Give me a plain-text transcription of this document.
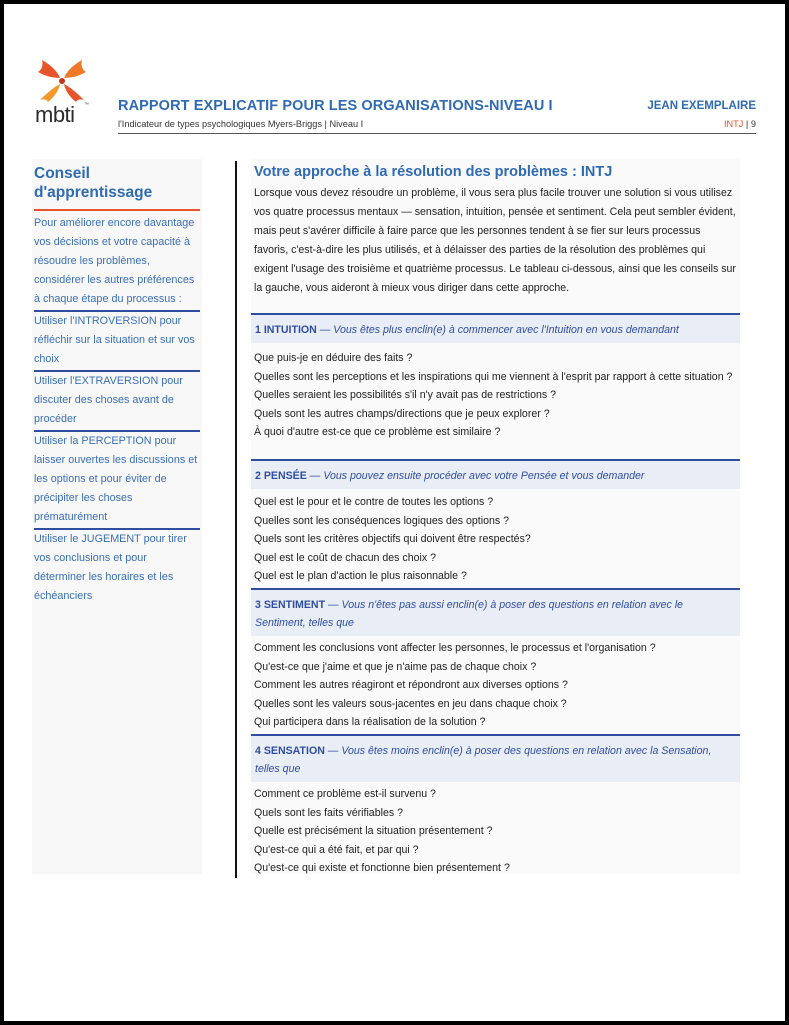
mbti ™ RAPPORT EXPLICATIF POUR LES ORGANISATIONS-NIVEAU I
l'Indicateur de types psychologiques Myers-Briggs | Niveau I
JEAN EXEMPLAIRE
INTJ | 9
Conseil d'apprentissage
Pour améliorer encore davantage vos décisions et votre capacité à résoudre les problèmes, considérer les autres préférences à chaque étape du processus :
Utiliser l'INTROVERSION pour réfléchir sur la situation et sur vos choix
Utiliser l'EXTRAVERSION pour discuter des choses avant de procéder
Utiliser la PERCEPTION pour laisser ouvertes les discussions et les options et pour éviter de précipiter les choses prématurément
Utiliser le JUGEMENT pour tirer vos conclusions et pour déterminer les horaires et les échéanciers
Votre approche à la résolution des problèmes : INTJ
Lorsque vous devez résoudre un problème, il vous sera plus facile trouver une solution si vous utilisez vos quatre processus mentaux — sensation, intuition, pensée et sentiment. Cela peut sembler évident, mais peut s'avérer difficile à faire parce que les personnes tendent à se fier sur leurs processus favoris, c'est-à-dire les plus utilisés, et à délaisser des parties de la résolution des problèmes qui exigent l'usage des troisième et quatrième processus. Le tableau ci-dessous, ainsi que les conseils sur la gauche, vous aideront à mieux vous diriger dans cette approche.
1 INTUITION — Vous êtes plus enclin(e) à commencer avec l'Intuition en vous demandant
Que puis-je en déduire des faits ?
Quelles sont les perceptions et les inspirations qui me viennent à l'esprit par rapport à cette situation ?
Quelles seraient les possibilités s'il n'y avait pas de restrictions ?
Quels sont les autres champs/directions que je peux explorer ?
À quoi d'autre est-ce que ce problème est similaire ?
2 PENSÉE — Vous pouvez ensuite procéder avec votre Pensée et vous demander
Quel est le pour et le contre de toutes les options ?
Quelles sont les conséquences logiques des options ?
Quels sont les critères objectifs qui doivent être respectés?
Quel est le coût de chacun des choix ?
Quel est le plan d'action le plus raisonnable ?
3 SENTIMENT — Vous n'êtes pas aussi enclin(e) à poser des questions en relation avec le Sentiment, telles que
Comment les conclusions vont affecter les personnes, le processus et l'organisation ?
Qu'est-ce que j'aime et que je n'aime pas de chaque choix ?
Comment les autres réagiront et répondront aux diverses options ?
Quelles sont les valeurs sous-jacentes en jeu dans chaque choix ?
Qui participera dans la réalisation de la solution ?
4 SENSATION — Vous êtes moins enclin(e) à poser des questions en relation avec la Sensation, telles que
Comment ce problème est-il survenu ?
Quels sont les faits vérifiables ?
Quelle est précisément la situation présentement ?
Qu'est-ce qui a été fait, et par qui ?
Qu'est-ce qui existe et fonctionne bien présentement ?
